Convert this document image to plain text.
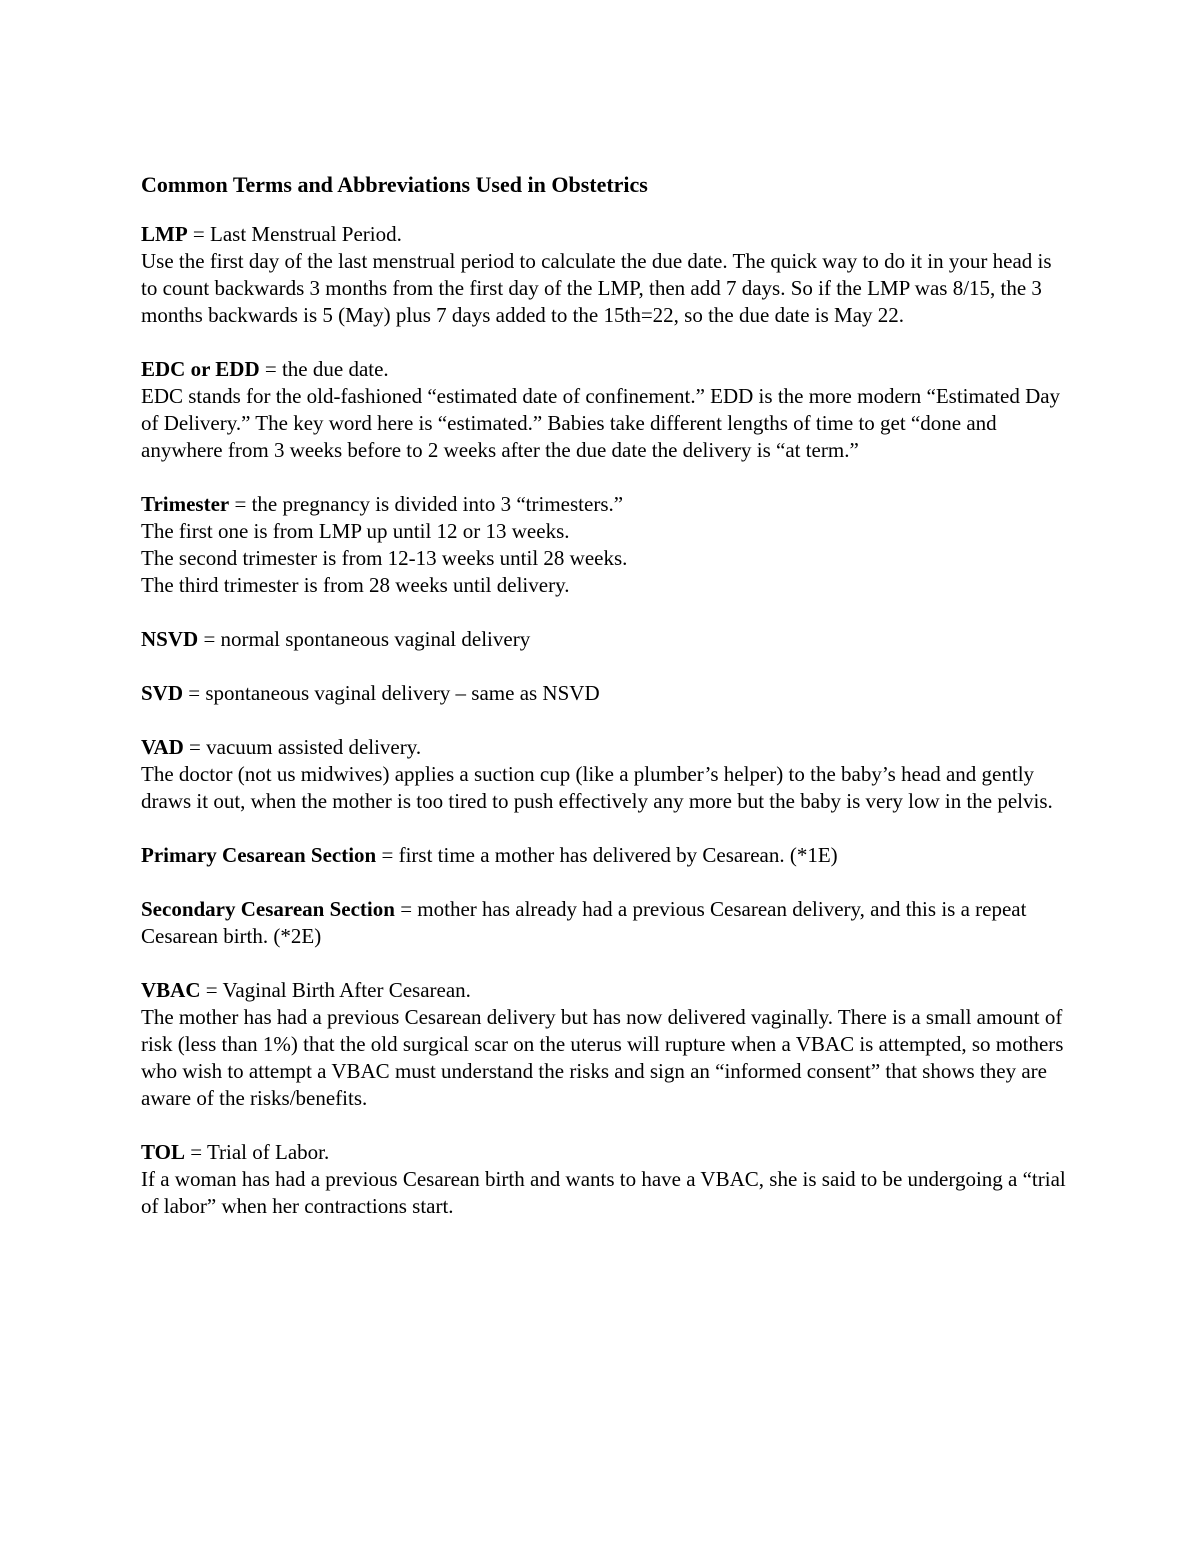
Common Terms and Abbreviations Used in Obstetrics

LMP = Last Menstrual Period.

Use the first day of the last menstrual period to calculate the due date. The quick way to do it in your head is to count backwards 3 months from the first day of the LMP, then add 7 days. So if the LMP was 8/15, the 3 months backwards is 5 (May) plus 7 days added to the 15th=22, so the due date is May 22.

EDC or EDD = the due date.

EDC stands for the old-fashioned “estimated date of confinement.” EDD is the more modern “Estimated Day of Delivery.” The key word here is “estimated.” Babies take different lengths of time to get “done and anywhere from 3 weeks before to 2 weeks after the due date the delivery is “at term.”

Trimester = the pregnancy is divided into 3 “trimesters.”

The first one is from LMP up until 12 or 13 weeks.

The second trimester is from 12-13 weeks until 28 weeks.

The third trimester is from 28 weeks until delivery.

NSVD = normal spontaneous vaginal delivery

SVD = spontaneous vaginal delivery – same as NSVD

VAD = vacuum assisted delivery.

The doctor (not us midwives) applies a suction cup (like a plumber’s helper) to the baby’s head and gently draws it out, when the mother is too tired to push effectively any more but the baby is very low in the pelvis.

Primary Cesarean Section = first time a mother has delivered by Cesarean. (*1E)

Secondary Cesarean Section = mother has already had a previous Cesarean delivery, and this is a repeat Cesarean birth. (*2E)

VBAC = Vaginal Birth After Cesarean.

The mother has had a previous Cesarean delivery but has now delivered vaginally. There is a small amount of risk (less than 1%) that the old surgical scar on the uterus will rupture when a VBAC is attempted, so mothers who wish to attempt a VBAC must understand the risks and sign an “informed consent” that shows they are aware of the risks/benefits.

TOL = Trial of Labor.

If a woman has had a previous Cesarean birth and wants to have a VBAC, she is said to be undergoing a “trial of labor” when her contractions start.
